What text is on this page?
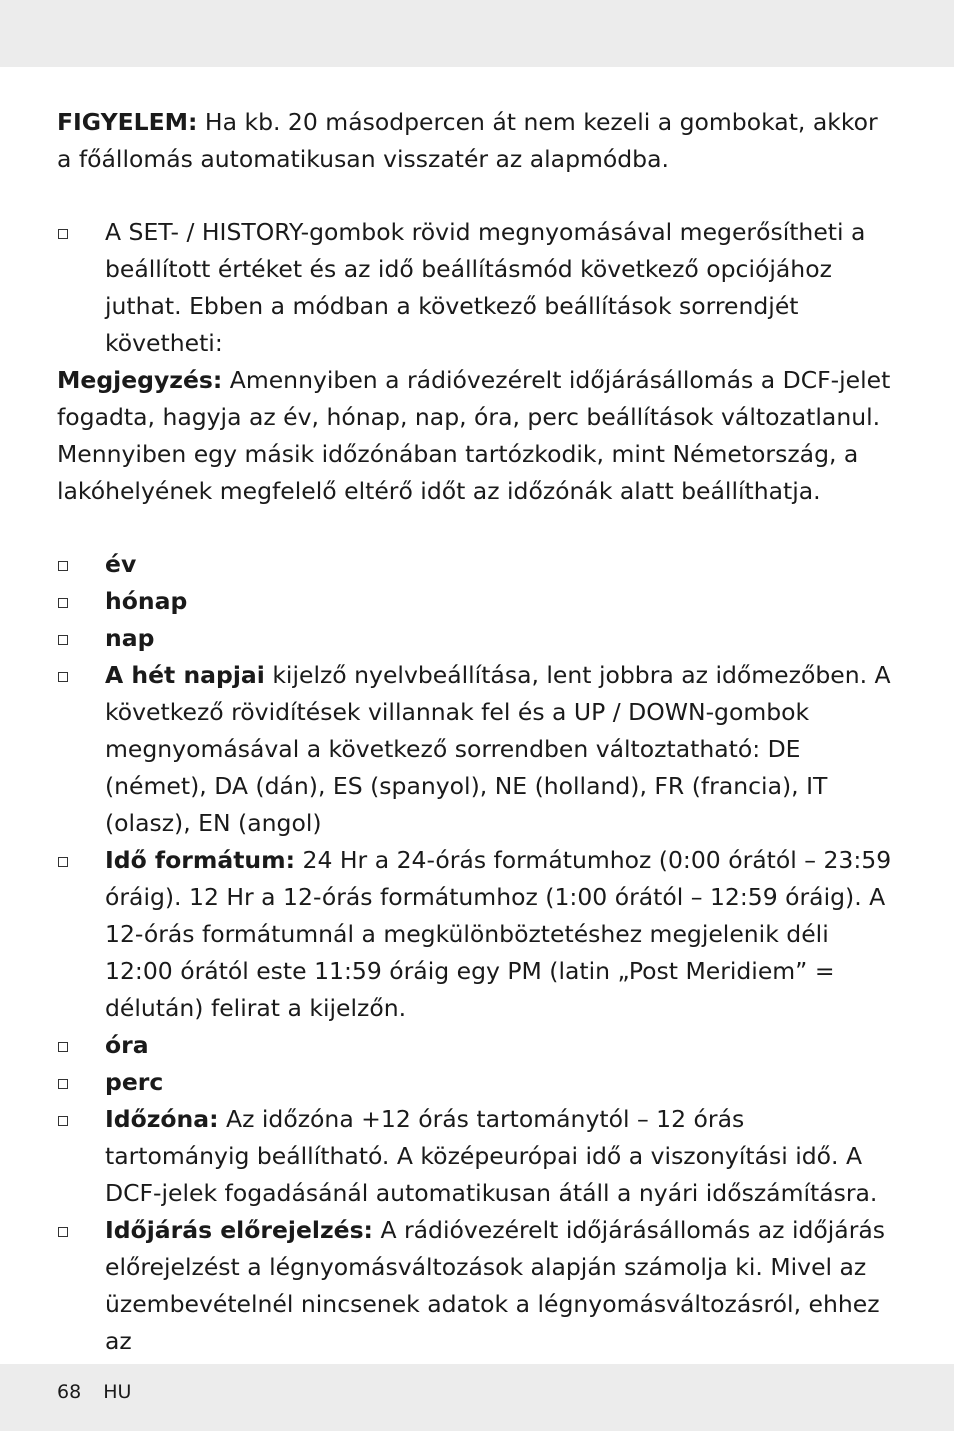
FIGYELEM: Ha kb. 20 másodpercen át nem kezeli a gombokat, akkor a főállomás automatikusan visszatér az alapmódba.

A SET- / HISTORY-gombok rövid megnyomásával megerősítheti a beállított értéket és az idő beállításmód következő opciójához juthat. Ebben a módban a következő beállítások sorrendjét követheti:

Megjegyzés: Amennyiben a rádióvezérelt időjárásállomás a DCF-jelet fogadta, hagyja az év, hónap, nap, óra, perc beállítások változatlanul. Mennyiben egy másik időzónában tartózkodik, mint Németország, a lakóhelyének megfelelő eltérő időt az időzónák alatt beállíthatja.

év
hónap
nap
A hét napjai kijelző nyelvbeállítása, lent jobbra az időmezőben. A következő rövidítések villannak fel és a UP / DOWN-gombok megnyomásával a következő sorrendben változtatható: DE (német), DA (dán), ES (spanyol), NE (holland), FR (francia), IT (olasz), EN (angol)
Idő formátum: 24 Hr a 24-órás formátumhoz (0:00 órától – 23:59 óráig). 12 Hr a 12-órás formátumhoz (1:00 órától – 12:59 óráig). A 12-órás formátumnál a megkülönböztetéshez megjelenik déli 12:00 órától este 11:59 óráig egy PM (latin „Post Meridiem” = délután) felirat a kijelzőn.
óra
perc
Időzóna: Az időzóna +12 órás tartománytól – 12 órás tartományig beállítható. A középeurópai idő a viszonyítási idő. A DCF-jelek fogadásánál automatikusan átáll a nyári időszámításra.
Időjárás előrejelzés: A rádióvezérelt időjárásállomás az időjárás előrejelzést a légnyomásváltozások alapján számolja ki. Mivel az üzembevételnél nincsenek adatok a légnyomásváltozásról, ehhez az
68 HU
